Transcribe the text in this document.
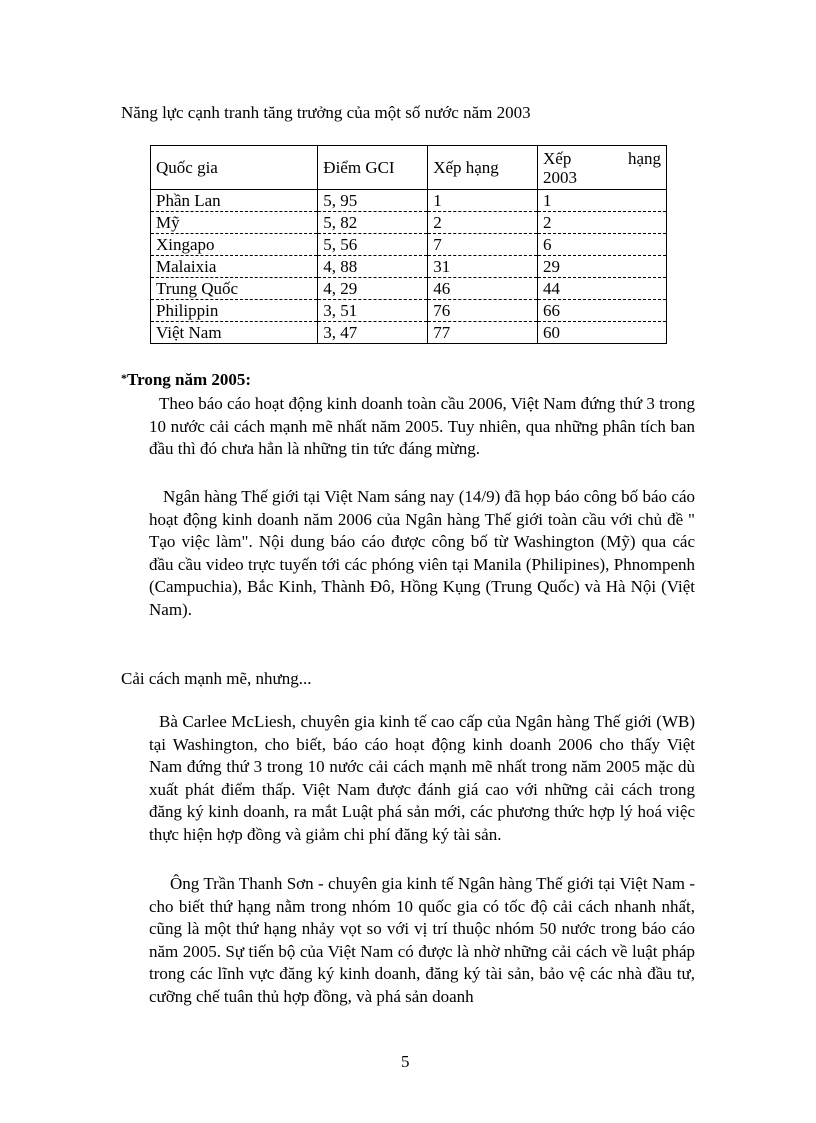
Năng lực cạnh tranh tăng trưởng của một số nước năm 2003
Quốc gia	Điểm GCI	Xếp hạng	Xếp hạng
2003

Phần Lan	5, 95	1	1
Mỹ	5, 82	2	2
Xingapo	5, 56	7	6
Malaixia	4, 88	31	29
Trung Quốc	4, 29	46	44
Philippin	3, 51	76	66
Việt Nam	3, 47	77	60
*Trong năm 2005:

Theo báo cáo hoạt động kinh doanh toàn cầu 2006, Việt Nam đứng thứ 3 trong 10 nước cải cách mạnh mẽ nhất năm 2005. Tuy nhiên, qua những phân tích ban đầu thì đó chưa hẳn là những tin tức đáng mừng.

Ngân hàng Thế giới tại Việt Nam sáng nay (14/9) đã họp báo công bố báo cáo hoạt động kinh doanh năm 2006 của Ngân hàng Thế giới toàn cầu với chủ đề " Tạo việc làm". Nội dung báo cáo được công bố từ Washington (Mỹ) qua các đầu cầu video trực tuyến tới các phóng viên tại Manila (Philipines), Phnompenh (Campuchia), Bắc Kinh, Thành Đô, Hồng Kụng (Trung Quốc) và Hà Nội (Việt Nam).

Cải cách mạnh mẽ, nhưng...

Bà Carlee McLiesh, chuyên gia kinh tế cao cấp của Ngân hàng Thế giới (WB) tại Washington, cho biết, báo cáo hoạt động kinh doanh 2006 cho thấy Việt Nam đứng thứ 3 trong 10 nước cải cách mạnh mẽ nhất trong năm 2005 mặc dù xuất phát điểm thấp. Việt Nam được đánh giá cao với những cải cách trong đăng ký kinh doanh, ra mắt Luật phá sản mới, các phương thức hợp lý hoá việc thực hiện hợp đồng và giảm chi phí đăng ký tài sản.

Ông Trần Thanh Sơn - chuyên gia kinh tế Ngân hàng Thế giới tại Việt Nam - cho biết thứ hạng nằm trong nhóm 10 quốc gia có tốc độ cải cách nhanh nhất, cũng là một thứ hạng nhảy vọt so với vị trí thuộc nhóm 50 nước trong báo cáo năm 2005. Sự tiến bộ của Việt Nam có được là nhờ những cải cách về luật pháp trong các lĩnh vực đăng ký kinh doanh, đăng ký tài sản, bảo vệ các nhà đầu tư, cưỡng chế tuân thủ hợp đồng, và phá sản doanh

5
